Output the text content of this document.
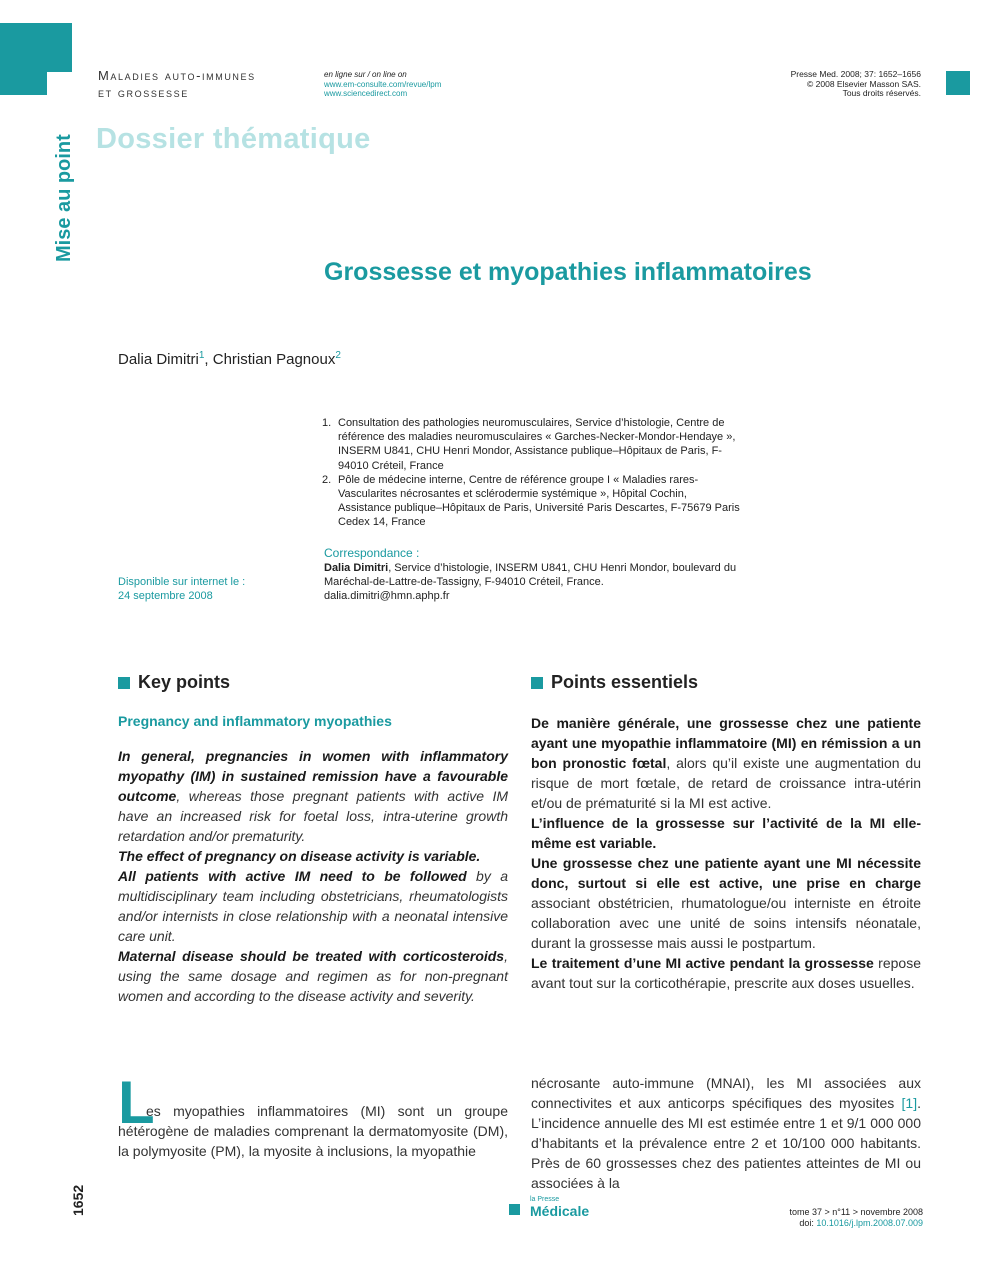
Maladies auto-immunes
et grossesse
en ligne sur / on line on
www.em-consulte.com/revue/lpm
www.sciencedirect.com
Presse Med. 2008; 37: 1652–1656
© 2008 Elsevier Masson SAS.
Tous droits réservés.
Dossier thématique
Mise au point
Grossesse et myopathies inflammatoires
Dalia Dimitri$^1$, Christian Pagnoux$^2$
1. Consultation des pathologies neuromusculaires, Service d’histologie, Centre de référence des maladies neuromusculaires « Garches-Necker-Mondor-Hendaye », INSERM U841, CHU Henri Mondor, Assistance publique–Hôpitaux de Paris, F-94010 Créteil, France
2. Pôle de médecine interne, Centre de référence groupe I « Maladies rares-Vascularites nécrosantes et sclérodermie systémique », Hôpital Cochin, Assistance publique–Hôpitaux de Paris, Université Paris Descartes, F-75679 Paris Cedex 14, France
Correspondance :
Dalia Dimitri, Service d’histologie, INSERM U841, CHU Henri Mondor, boulevard du Maréchal-de-Lattre-de-Tassigny, F-94010 Créteil, France.
dalia.dimitri@hmn.aphp.fr
Disponible sur internet le :
24 septembre 2008
Key points
Pregnancy and inflammatory myopathies

In general, pregnancies in women with inflammatory myopathy (IM) in sustained remission have a favourable outcome, whereas those pregnant patients with active IM have an increased risk for foetal loss, intra-uterine growth retardation and/or prematurity.

The effect of pregnancy on disease activity is variable.

All patients with active IM need to be followed by a multidisciplinary team including obstetricians, rheumatologists and/or internists in close relationship with a neonatal intensive care unit.

Maternal disease should be treated with corticosteroids, using the same dosage and regimen as for non-pregnant women and according to the disease activity and severity.

Points essentiels

De manière générale, une grossesse chez une patiente ayant une myopathie inflammatoire (MI) en rémission a un bon pronostic fœtal, alors qu’il existe une augmentation du risque de mort fœtale, de retard de croissance intra-utérin et/ou de prématurité si la MI est active.

L’influence de la grossesse sur l’activité de la MI elle-même est variable.

Une grossesse chez une patiente ayant une MI nécessite donc, surtout si elle est active, une prise en charge associant obstétricien, rhumatologue/ou interniste en étroite collaboration avec une unité de soins intensifs néonatale, durant la grossesse mais aussi le postpartum.

Le traitement d’une MI active pendant la grossesse repose avant tout sur la corticothérapie, prescrite aux doses usuelles.

L

es myopathies inflammatoires (MI) sont un groupe hétérogène de maladies comprenant la dermatomyosite (DM), la polymyosite (PM), la myosite à inclusions, la myopathie

nécrosante auto-immune (MNAI), les MI associées aux connectivites et aux anticorps spécifiques des myosites [1]. L’incidence annuelle des MI est estimée entre 1 et 9/1 000 000 d’habitants et la prévalence entre 2 et 10/100 000 habitants. Près de 60 grossesses chez des patientes atteintes de MI ou associées à la

1652	la Presse
Médicale	tome 37 > n°11 > novembre 2008
doi: 10.1016/j.lpm.2008.07.009
